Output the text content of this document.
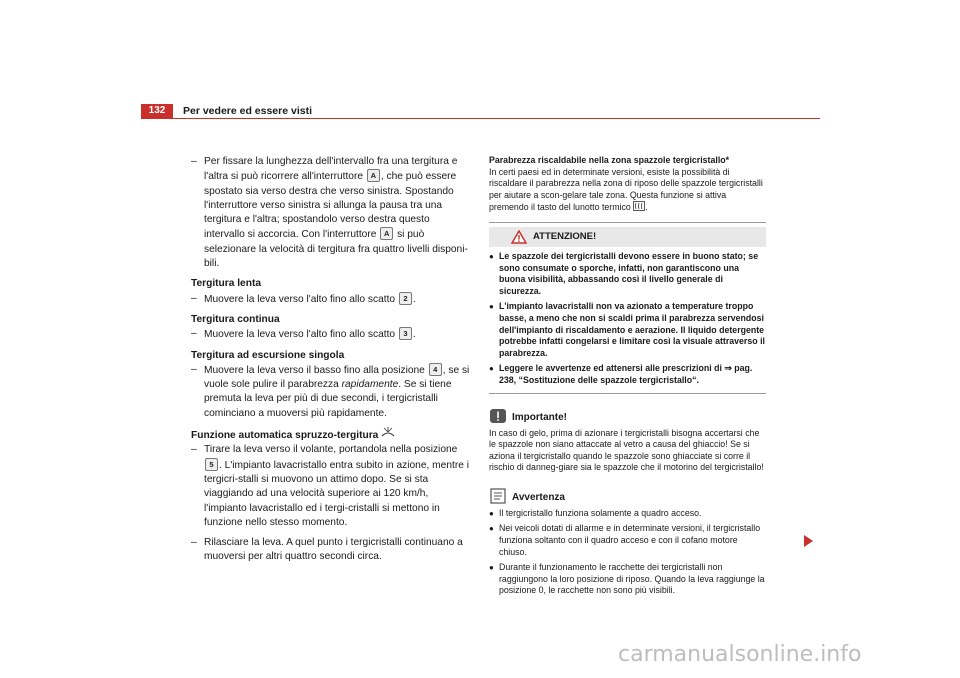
132	Per vedere ed essere visti
– Per fissare la lunghezza dell'intervallo fra una tergitura e l'altra si può ricorrere all'interruttore A , che può essere spostato sia verso destra che verso sinistra. Spostando l'interruttore verso sinistra si allunga la pausa tra una tergitura e l'altra; spostandolo verso destra questo intervallo si accorcia. Con l'interruttore A si può selezionare la velocità di tergitura fra quattro livelli disponi-bili.
Tergitura lenta
– Muovere la leva verso l'alto fino allo scatto 2 .
Tergitura continua
– Muovere la leva verso l'alto fino allo scatto 3 .
Tergitura ad escursione singola
– Muovere la leva verso il basso fino alla posizione 4 , se si vuole sole pulire il parabrezza rapidamente. Se si tiene premuta la leva per più di due secondi, i tergicristalli cominciano a muoversi più rapidamente.
Funzione automatica spruzzo-tergitura
– Tirare la leva verso il volante, portandola nella posizione 5 . L'impianto lavacristallo entra subito in azione, mentre i tergicri-stalli si muovono un attimo dopo. Se si sta viaggiando ad una velocità superiore ai 120 km/h, l'impianto lavacristallo ed i tergi-cristalli si mettono in funzione nello stesso momento.
– Rilasciare la leva. A quel punto i tergicristalli continuano a muoversi per altri quattro secondi circa.
Parabrezza riscaldabile nella zona spazzole tergicristallo*
In certi paesi ed in determinate versioni, esiste la possibilità di riscaldare il parabrezza nella zona di riposo delle spazzole tergicristalli per aiutare a scon-gelare tale zona. Questa funzione si attiva premendo il tasto del lunotto termico .
ATTENZIONE!
● Le spazzole dei tergicristalli devono essere in buono stato; se sono consumate o sporche, infatti, non garantiscono una buona visibilità, abbassando così il livello generale di sicurezza.
● L'impianto lavacristalli non va azionato a temperature troppo basse, a meno che non si scaldi prima il parabrezza servendosi dell'impianto di riscaldamento e aerazione. Il liquido detergente potrebbe infatti congelarsi e limitare così la visuale attraverso il parabrezza.
● Leggere le avvertenze ed attenersi alle prescrizioni di ⇒ pag. 238, “Sostituzione delle spazzole tergicristallo“.
Importante!
In caso di gelo, prima di azionare i tergicristalli bisogna accertarsi che le spazzole non siano attaccate al vetro a causa del ghiaccio! Se si aziona il tergicristallo quando le spazzole sono ghiacciate si corre il rischio di danneg-giare sia le spazzole che il motorino del tergicristallo!
Avvertenza
● Il tergicristallo funziona solamente a quadro acceso.
● Nei veicoli dotati di allarme e in determinate versioni, il tergicristallo funziona soltanto con il quadro acceso e con il cofano motore chiuso.
● Durante il funzionamento le racchette dei tergicristalli non raggiungono la loro posizione di riposo. Quando la leva raggiunge la posizione 0, le racchette non sono più visibili.
carmanualsonline.info
